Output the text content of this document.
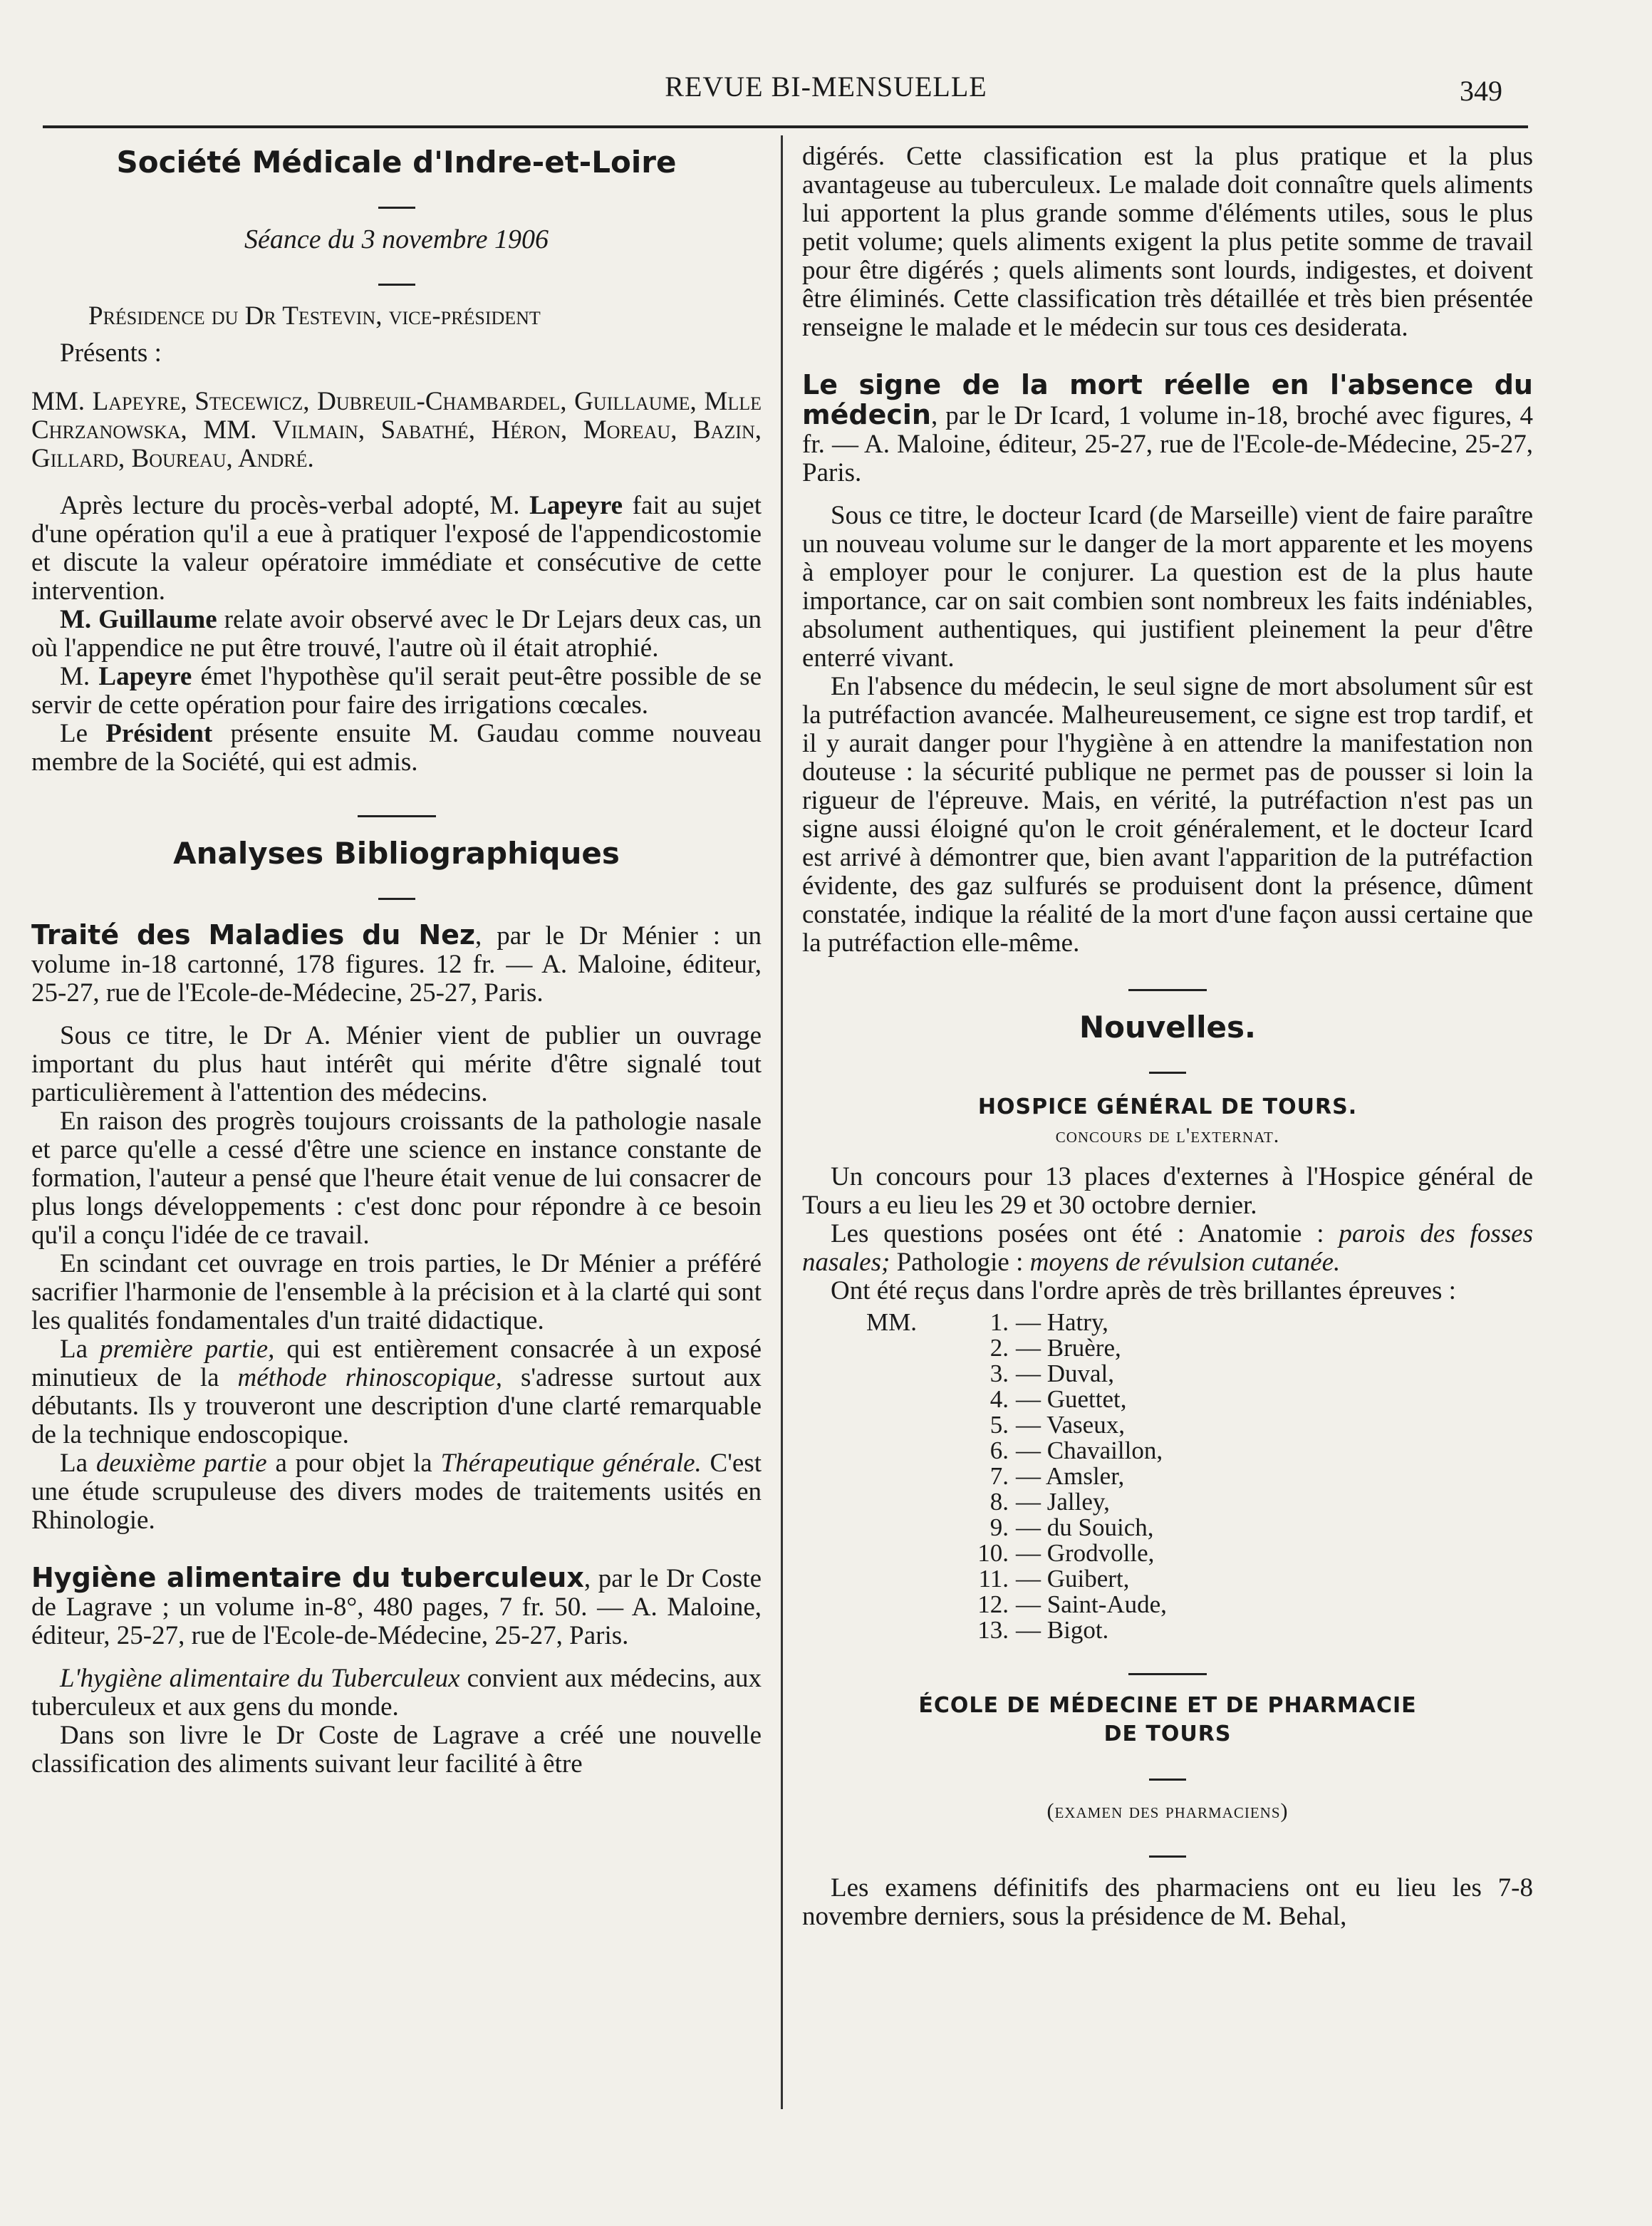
REVUE BI-MENSUELLE	349
Société Médicale d'Indre-et-Loire

Séance du 3 novembre 1906

Présidence du Dr Testevin, vice-président

Présents :

MM. Lapeyre, Stecewicz, Dubreuil-Chambardel, Guillaume, Mlle Chrzanowska, MM. Vilmain, Sabathé, Héron, Moreau, Bazin, Gillard, Boureau, André.

Après lecture du procès-verbal adopté, M. Lapeyre fait au sujet d'une opération qu'il a eue à pratiquer l'exposé de l'appendicostomie et discute la valeur opératoire immédiate et consécutive de cette intervention.

M. Guillaume relate avoir observé avec le Dr Lejars deux cas, un où l'appendice ne put être trouvé, l'autre où il était atrophié.

M. Lapeyre émet l'hypothèse qu'il serait peut-être possible de se servir de cette opération pour faire des irrigations cœcales.

Le Président présente ensuite M. Gaudau comme nouveau membre de la Société, qui est admis.

Analyses Bibliographiques

Traité des Maladies du Nez, par le Dr Ménier : un volume in-18 cartonné, 178 figures. 12 fr. — A. Maloine, éditeur, 25-27, rue de l'Ecole-de-Médecine, 25-27, Paris.

Sous ce titre, le Dr A. Ménier vient de publier un ouvrage important du plus haut intérêt qui mérite d'être signalé tout particulièrement à l'attention des médecins.

En raison des progrès toujours croissants de la pathologie nasale et parce qu'elle a cessé d'être une science en instance constante de formation, l'auteur a pensé que l'heure était venue de lui consacrer de plus longs développements : c'est donc pour répondre à ce besoin qu'il a conçu l'idée de ce travail.

En scindant cet ouvrage en trois parties, le Dr Ménier a préféré sacrifier l'harmonie de l'ensemble à la précision et à la clarté qui sont les qualités fondamentales d'un traité didactique.

La première partie, qui est entièrement consacrée à un exposé minutieux de la méthode rhinoscopique, s'adresse surtout aux débutants. Ils y trouveront une description d'une clarté remarquable de la technique endoscopique.

La deuxième partie a pour objet la Thérapeutique générale. C'est une étude scrupuleuse des divers modes de traitements usités en Rhinologie.

Hygiène alimentaire du tuberculeux, par le Dr Coste de Lagrave ; un volume in-8°, 480 pages, 7 fr. 50. — A. Maloine, éditeur, 25-27, rue de l'Ecole-de-Médecine, 25-27, Paris.

L'hygiène alimentaire du Tuberculeux convient aux médecins, aux tuberculeux et aux gens du monde.

Dans son livre le Dr Coste de Lagrave a créé une nouvelle classification des aliments suivant leur facilité à être

digérés. Cette classification est la plus pratique et la plus avantageuse au tuberculeux. Le malade doit connaître quels aliments lui apportent la plus grande somme d'éléments utiles, sous le plus petit volume; quels aliments exigent la plus petite somme de travail pour être digérés ; quels aliments sont lourds, indigestes, et doivent être éliminés. Cette classification très détaillée et très bien présentée renseigne le malade et le médecin sur tous ces desiderata.

Le signe de la mort réelle en l'absence du médecin, par le Dr Icard, 1 volume in-18, broché avec figures, 4 fr. — A. Maloine, éditeur, 25-27, rue de l'Ecole-de-Médecine, 25-27, Paris.

Sous ce titre, le docteur Icard (de Marseille) vient de faire paraître un nouveau volume sur le danger de la mort apparente et les moyens à employer pour le conjurer. La question est de la plus haute importance, car on sait combien sont nombreux les faits indéniables, absolument authentiques, qui justifient pleinement la peur d'être enterré vivant.

En l'absence du médecin, le seul signe de mort absolument sûr est la putréfaction avancée. Malheureusement, ce signe est trop tardif, et il y aurait danger pour l'hygiène à en attendre la manifestation non douteuse : la sécurité publique ne permet pas de pousser si loin la rigueur de l'épreuve. Mais, en vérité, la putréfaction n'est pas un signe aussi éloigné qu'on le croit généralement, et le docteur Icard est arrivé à démontrer que, bien avant l'apparition de la putréfaction évidente, des gaz sulfurés se produisent dont la présence, dûment constatée, indique la réalité de la mort d'une façon aussi certaine que la putréfaction elle-même.

Nouvelles.
HOSPICE GÉNÉRAL DE TOURS.
concours de l'externat.

Un concours pour 13 places d'externes à l'Hospice général de Tours a eu lieu les 29 et 30 octobre dernier.

Les questions posées ont été : Anatomie : parois des fosses nasales; Pathologie : moyens de révulsion cutanée.

Ont été reçus dans l'ordre après de très brillantes épreuves :

MM.	1. — Hatry,
2. — Bruère,
3. — Duval,
4. — Guettet,
5. — Vaseux,
6. — Chavaillon,
7. — Amsler,
8. — Jalley,
9. — du Souich,
10. — Grodvolle,
11. — Guibert,
12. — Saint-Aude,
13. — Bigot.
ÉCOLE DE MÉDECINE ET DE PHARMACIE
DE TOURS
(examen des pharmaciens)

Les examens définitifs des pharmaciens ont eu lieu les 7-8 novembre derniers, sous la présidence de M. Behal,
